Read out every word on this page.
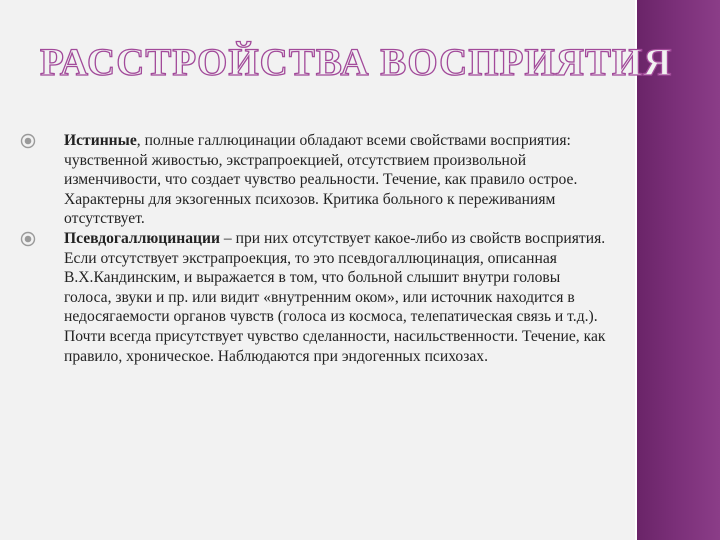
РАССТРОЙСТВА ВОСПРИЯТИЯ
Истинные, полные галлюцинации обладают всеми свойствами восприятия: чувственной живостью, экстрапроекцией, отсутствием произвольной изменчивости, что создает чувство реальности. Течение, как правило острое. Характерны для экзогенных психозов. Критика больного к переживаниям отсутствует.
Псевдогаллюцинации – при них отсутствует какое-либо из свойств восприятия. Если отсутствует экстрапроекция, то это псевдогаллюцинация, описанная В.Х.Кандинским, и выражается в том, что больной слышит внутри головы голоса, звуки и пр. или видит «внутренним оком», или источник находится в недосягаемости органов чувств (голоса из космоса, телепатическая связь и т.д.). Почти всегда присутствует чувство сделанности, насильственности. Течение, как правило, хроническое. Наблюдаются при эндогенных психозах.
